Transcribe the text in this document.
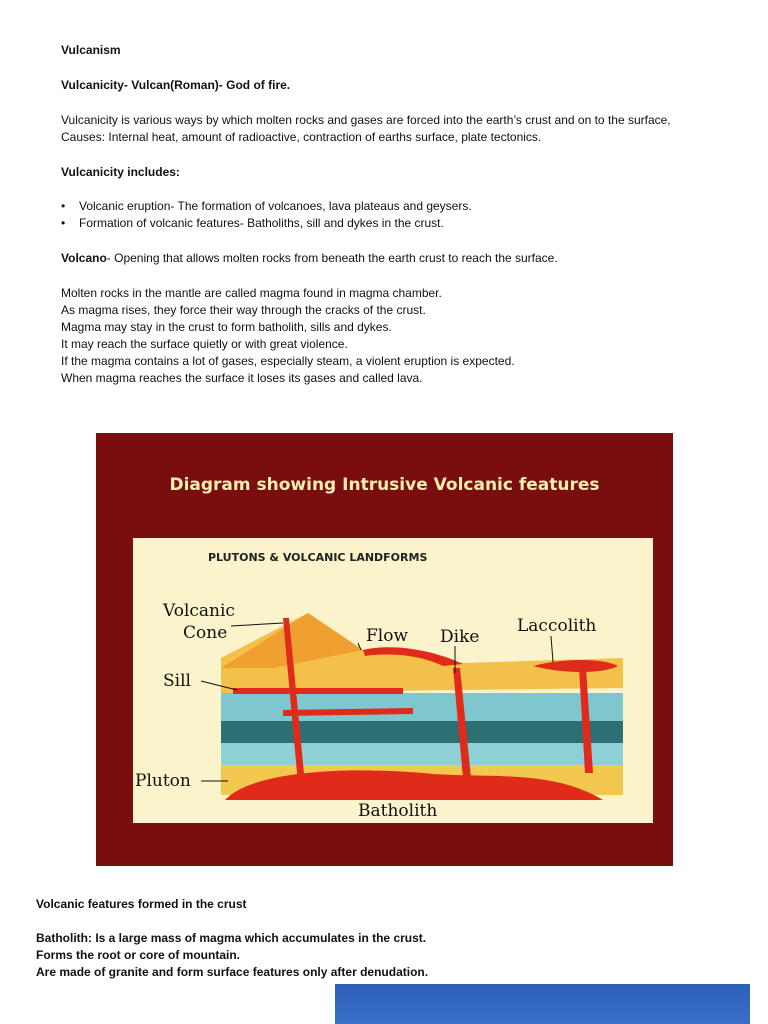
Vulcanism

Vulcanicity- Vulcan(Roman)- God of fire.

Vulcanicity is various ways by which molten rocks and gases are forced into the earth’s crust and on to the surface,

Causes: Internal heat, amount of radioactive, contraction of earths surface, plate tectonics.

Vulcanicity includes:

• Volcanic eruption- The formation of volcanoes, lava plateaus and geysers.
• Formation of volcanic features- Batholiths, sill and dykes in the crust.

Volcano- Opening that allows molten rocks from beneath the earth crust to reach the surface.

Molten rocks in the mantle are called magma found in magma chamber.
As magma rises, they force their way through the cracks of the crust.
Magma may stay in the crust to form batholith, sills and dykes.
It may reach the surface quietly or with great violence.
If the magma contains a lot of gases, especially steam, a violent eruption is expected.
When magma reaches the surface it loses its gases and called lava.
Diagram showing Intrusive Volcanic features
PLUTONS & VOLCANIC LANDFORMS
Volcanic
Cone	Flow Dike
Laccolith
Sill
Pluton
Batholith

Volcanic features formed in the crust

Batholith: Is a large mass of magma which accumulates in the crust.
Forms the root or core of mountain.
Are made of granite and form surface features only after denudation.
